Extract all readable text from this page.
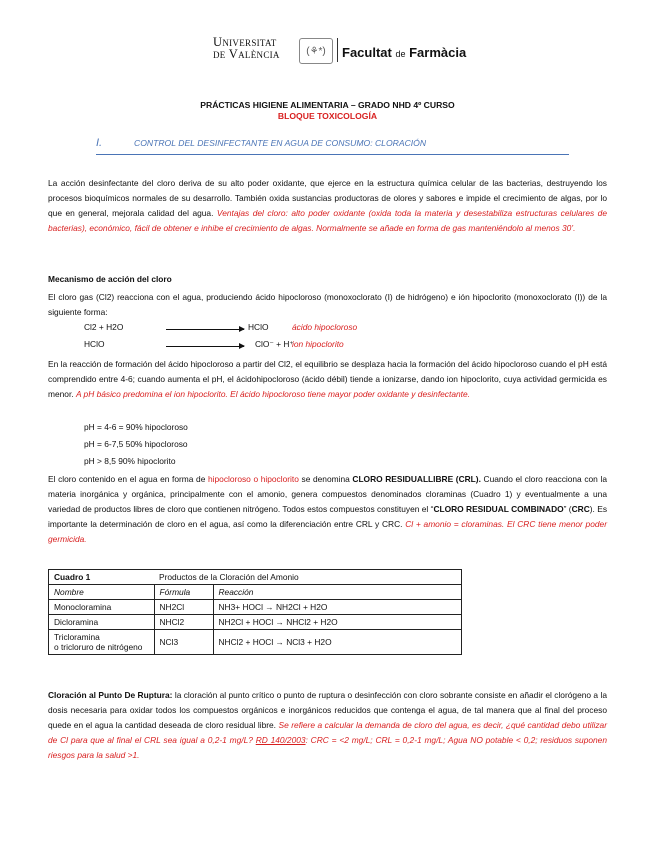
Universitat
de València	(⚘*)	Facultat de Farmàcia
PRÁCTICAS HIGIENE ALIMENTARIA – GRADO NHD 4º CURSO
BLOQUE TOXICOLOGÍA
I.	CONTROL DEL DESINFECTANTE EN AGUA DE CONSUMO: CLORACIÓN
La acción desinfectante del cloro deriva de su alto poder oxidante, que ejerce en la estructura química celular de las bacterias, destruyendo los procesos bioquímicos normales de su desarrollo. También oxida sustancias productoras de olores y sabores e impide el crecimiento de algas, por lo que en general, mejorala calidad del agua. Ventajas del cloro: alto poder oxidante (oxida toda la materia y desestabiliza estructuras celulares de bacterias), económico, fácil de obtener e inhibe el crecimiento de algas. Normalmente se añade en forma de gas manteniéndolo al menos 30’.
Mecanismo de acción del cloro
El cloro gas (Cl2) reacciona con el agua, produciendo ácido hipocloroso (monoxoclorato (I) de hidrógeno) e ión hipoclorito (monoxoclorato (I)) de la siguiente forma:
Cl2 + H2O	HClO	ácido hipocloroso
HClO	ClO⁻ + H⁺
ion hipoclorito
En la reacción de formación del ácido hipocloroso a partir del Cl2, el equilibrio se desplaza hacia la formación del ácido hipocloroso cuando el pH está comprendido entre 4-6; cuando aumenta el pH, el ácidohipocloroso (ácido débil) tiende a ionizarse, dando ion hipoclorito, cuya actividad germicida es menor. A pH básico predomina el ion hipoclorito. El ácido hipocloroso tiene mayor poder oxidante y desinfectante.
pH = 4-6 = 90% hipocloroso
pH = 6-7,5 50% hipocloroso
pH > 8,5 90% hipoclorito
El cloro contenido en el agua en forma de hipocloroso o hipoclorito se denomina CLORO RESIDUALLIBRE (CRL). Cuando el cloro reacciona con la materia inorgánica y orgánica, principalmente con el amonio, genera compuestos denominados cloraminas (Cuadro 1) y eventualmente a una variedad de productos libres de cloro que contienen nitrógeno. Todos estos compuestos constituyen el “CLORO RESIDUAL COMBINADO” (CRC). Es importante la determinación de cloro en el agua, así como la diferenciación entre CRL y CRC. Cl + amonio = cloraminas. El CRC tiene menor poder germicida.
Cuadro 1	Productos de la Cloración del Amonio	
Nombre	Fórmula	Reacción
Monocloramina	NH2Cl	NH3+ HOCl → NH2Cl + H2O
Dicloramina	NHCl2	NH2Cl + HOCl → NHCl2 + H2O

Tricloramina
o tricloruro de nitrógeno	NCl3	NHCl2 + HOCl → NCl3 + H2O
Cloración al Punto De Ruptura: la cloración al punto crítico o punto de ruptura o desinfección con cloro sobrante consiste en añadir el clorógeno a la dosis necesaria para oxidar todos los compuestos orgánicos e inorgánicos reducidos que contenga el agua, de tal manera que al final del proceso quede en el agua la cantidad deseada de cloro residual libre. Se refiere a calcular la demanda de cloro del agua, es decir, ¿qué cantidad debo utilizar de Cl para que al final el CRL sea igual a 0,2-1 mg/L? RD 140/2003: CRC = <2 mg/L; CRL = 0,2-1 mg/L; Agua NO potable < 0,2; residuos suponen riesgos para la salud >1.
